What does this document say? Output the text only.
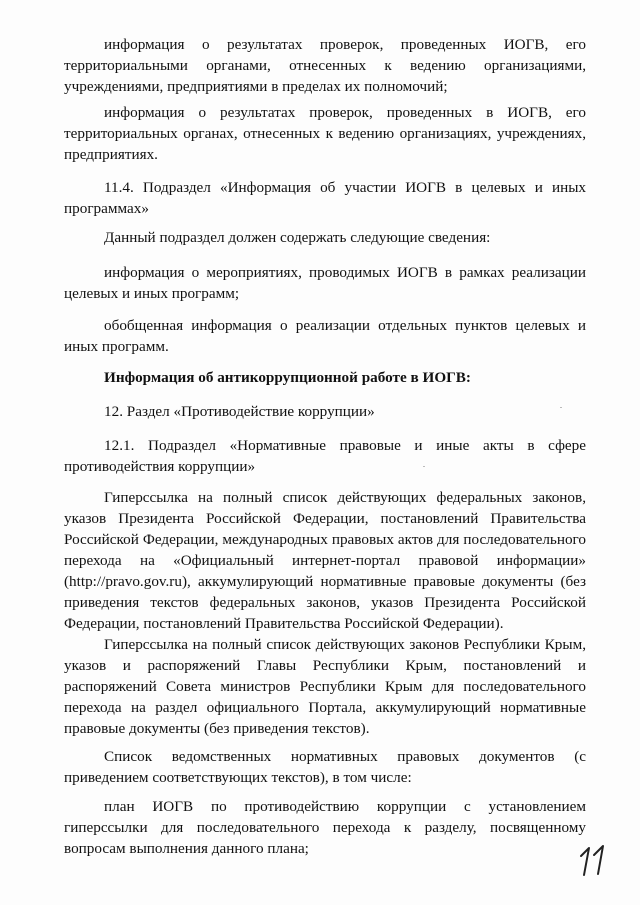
информация о результатах проверок, проведенных ИОГВ, его территориальными органами, отнесенных к ведению организациями, учреждениями, предприятиями в пределах их полномочий;

информация о результатах проверок, проведенных в ИОГВ, его территориальных органах, отнесенных к ведению организациях, учреждениях, предприятиях.

11.4. Подраздел «Информация об участии ИОГВ в целевых и иных программах»

Данный подраздел должен содержать следующие сведения:

информация о мероприятиях, проводимых ИОГВ в рамках реализации целевых и иных программ;

обобщенная информация о реализации отдельных пунктов целевых и иных программ.

Информация об антикоррупционной работе в ИОГВ:

12. Раздел «Противодействие коррупции»

12.1. Подраздел «Нормативные правовые и иные акты в сфере противодействия коррупции»

Гиперссылка на полный список действующих федеральных законов, указов Президента Российской Федерации, постановлений Правительства Российской Федерации, международных правовых актов для последовательного перехода на «Официальный интернет-портал правовой информации» (http://pravo.gov.ru), аккумулирующий нормативные правовые документы (без приведения текстов федеральных законов, указов Президента Российской Федерации, постановлений Правительства Российской Федерации).

Гиперссылка на полный список действующих законов Республики Крым, указов и распоряжений Главы Республики Крым, постановлений и распоряжений Совета министров Республики Крым для последовательного перехода на раздел официального Портала, аккумулирующий нормативные правовые документы (без приведения текстов).

Список ведомственных нормативных правовых документов (с приведением соответствующих текстов), в том числе:

план ИОГВ по противодействию коррупции с установлением гиперссылки для последовательного перехода к разделу, посвященному вопросам выполнения данного плана;
